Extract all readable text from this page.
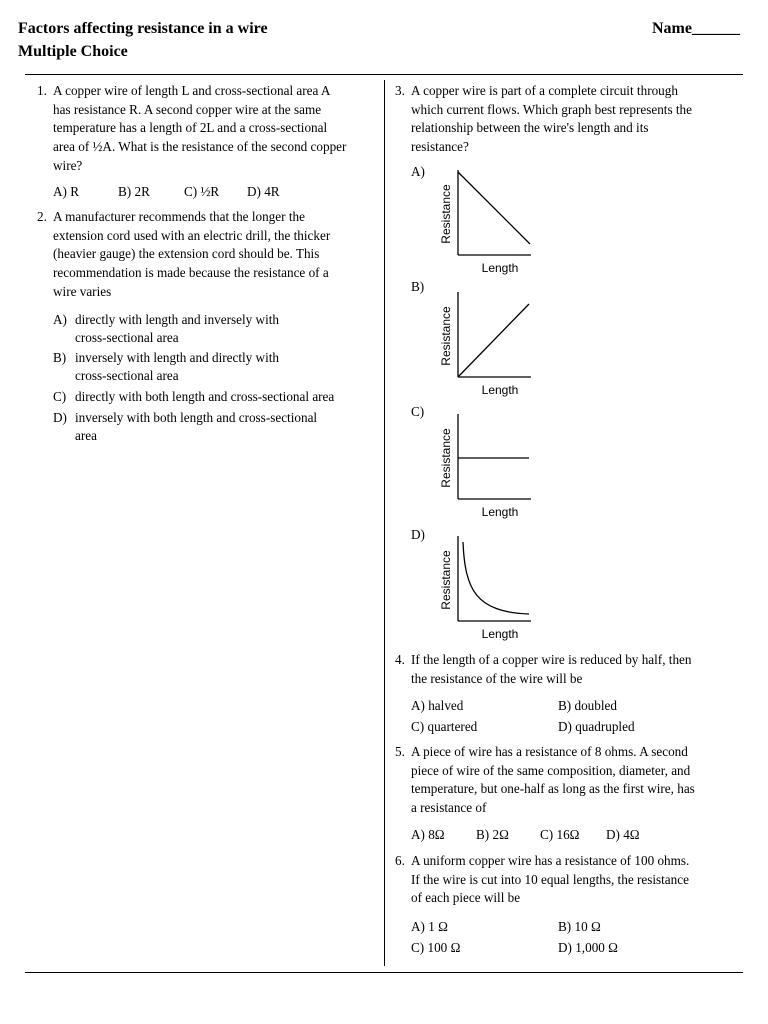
Factors affecting resistance in a wire
Multiple Choice
Name______
1. A copper wire of length L and cross-sectional area A
has resistance R. A second copper wire at the same
temperature has a length of 2L and a cross-sectional
area of ½A. What is the resistance of the second copper
wire?
A) R	B) 2R	C) ½R D) 4R
2. A manufacturer recommends that the longer the
extension cord used with an electric drill, the thicker
(heavier gauge) the extension cord should be. This
recommendation is made because the resistance of a
wire varies
A) directly with length and inversely with
cross-sectional area
B) inversely with length and directly with
cross-sectional area
C) directly with both length and cross-sectional area
D) inversely with both length and cross-sectional
area
3. A copper wire is part of a complete circuit through
which current flows. Which graph best represents the
relationship between the wire's length and its
resistance?
A)
Resistance
Length
B)
Resistance
Length
C)
Resistance
Length
D)
Resistance
Length
4. If the length of a copper wire is reduced by half, then
the resistance of the wire will be
A) halved	B) doubled
C) quartered	D) quadrupled
5. A piece of wire has a resistance of 8 ohms. A second
piece of wire of the same composition, diameter, and
temperature, but one-half as long as the first wire, has
a resistance of
A) 8Ω B) 2Ω C) 16Ω D) 4Ω
6. A uniform copper wire has a resistance of 100 ohms.
If the wire is cut into 10 equal lengths, the resistance
of each piece will be
A) 1 Ω	B) 10 Ω
C) 100 Ω	D) 1,000 Ω
